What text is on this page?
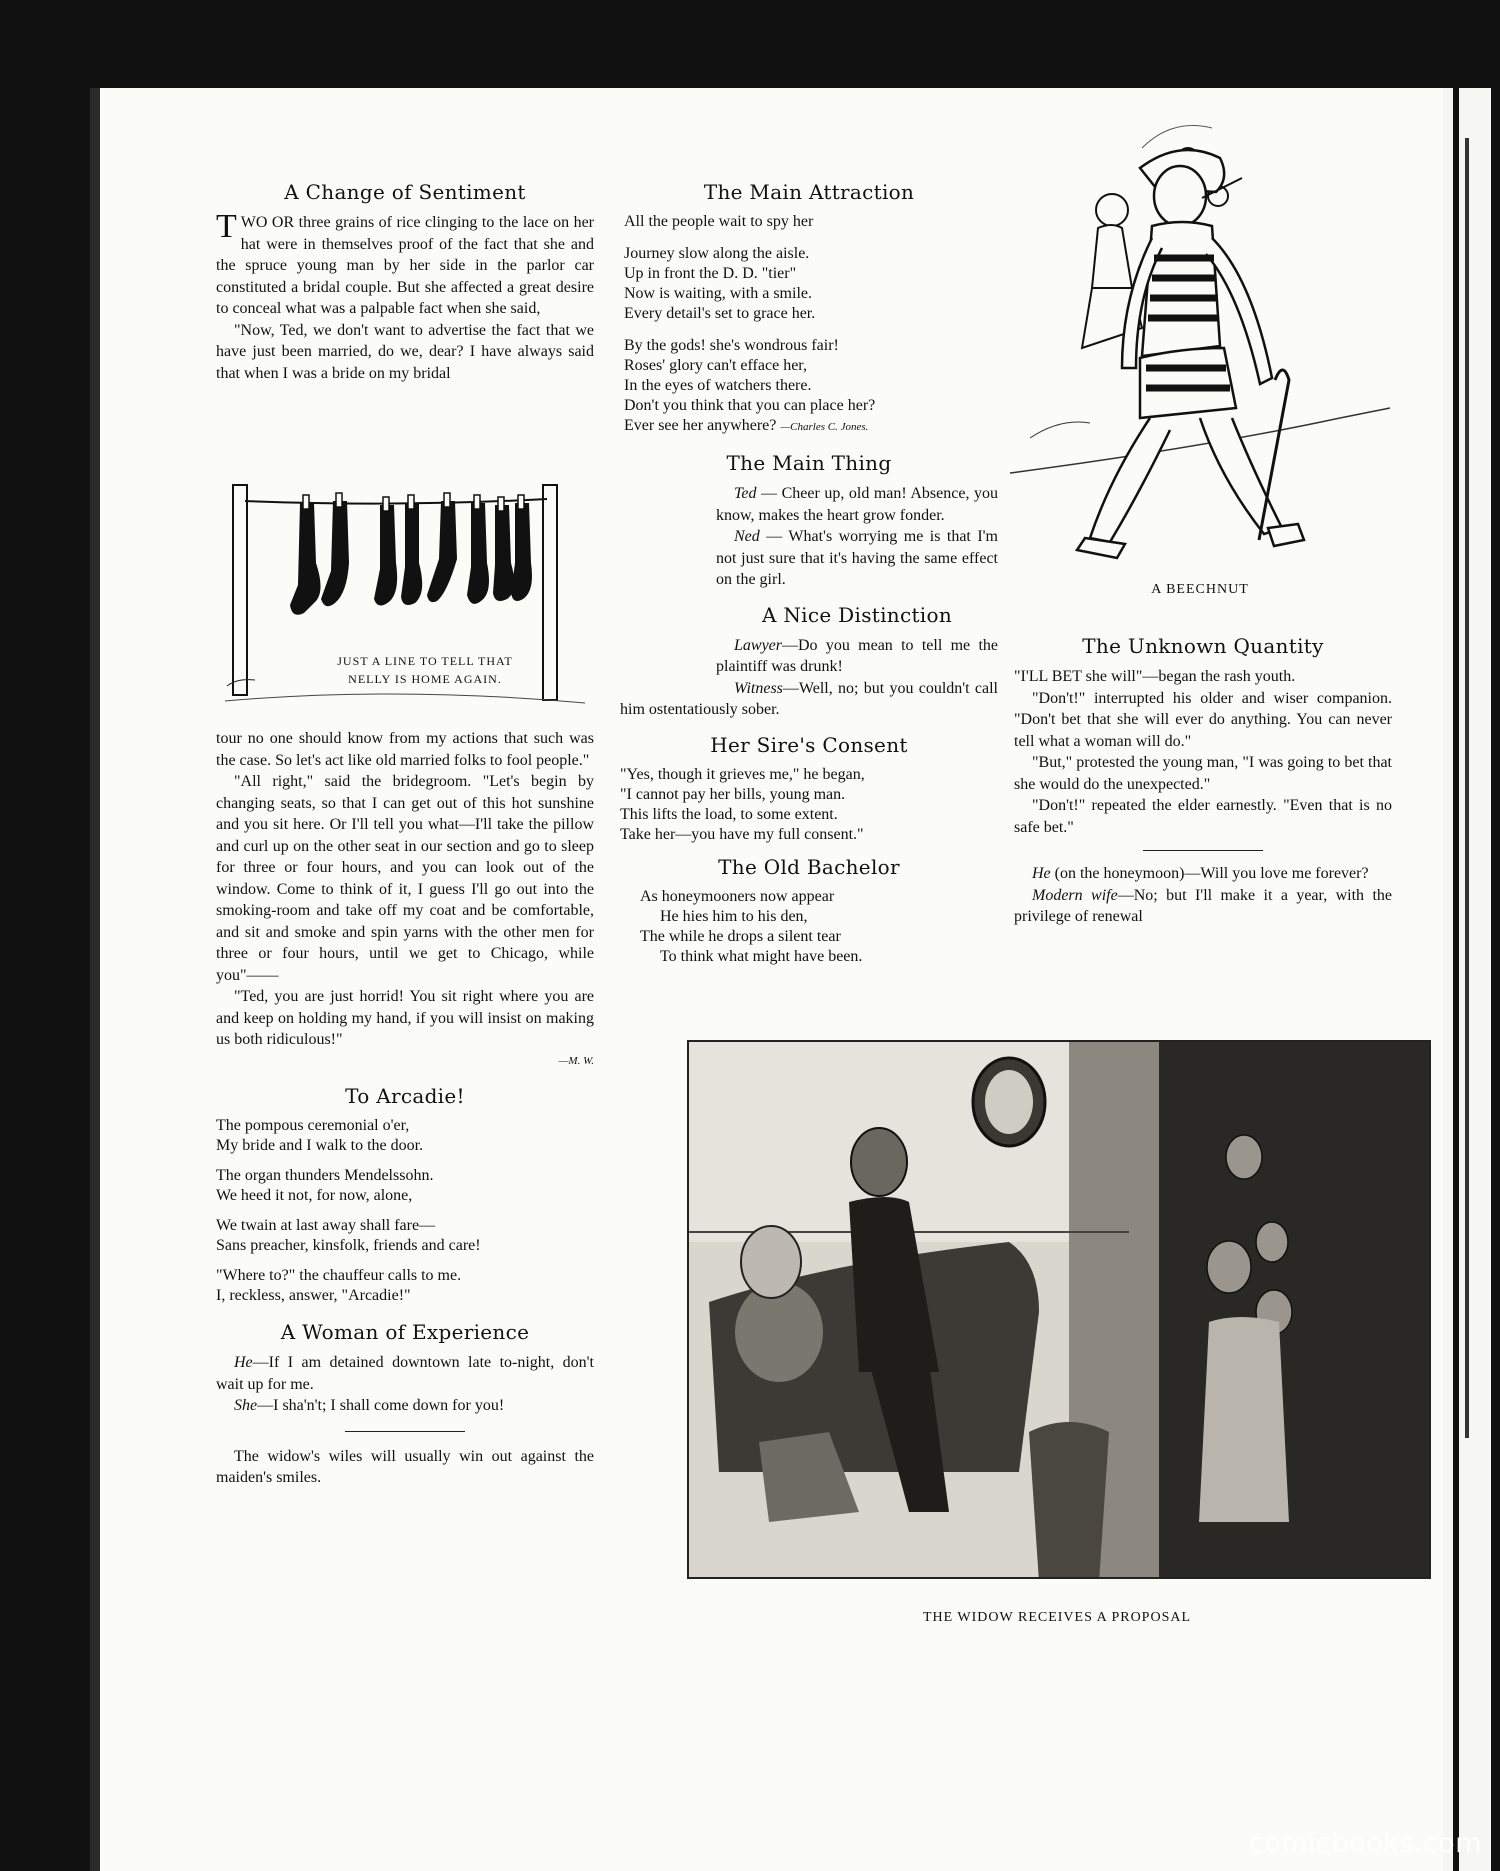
A Change of Sentiment
TWO OR three grains of rice clinging to the lace on her hat were in themselves proof of the fact that she and the spruce young man by her side in the parlor car constituted a bridal couple. But she affected a great desire to conceal what was a palpable fact when she said,

"Now, Ted, we don't want to advertise the fact that we have just been married, do we, dear? I have always said that when I was a bride on my bridal

JUST A LINE TO TELL THAT
NELLY IS HOME AGAIN.

tour no one should know from my actions that such was the case. So let's act like old married folks to fool people."

"All right," said the bridegroom. "Let's begin by changing seats, so that I can get out of this hot sunshine and you sit here. Or I'll tell you what—I'll take the pillow and curl up on the other seat in our section and go to sleep for three or four hours, and you can look out of the window. Come to think of it, I guess I'll go out into the smoking-room and take off my coat and be comfortable, and sit and smoke and spin yarns with the other men for three or four hours, until we get to Chicago, while you"——

"Ted, you are just horrid! You sit right where you are and keep on holding my hand, if you will insist on making us both ridiculous!"

—M. W.
To Arcadie!
The pompous ceremonial o'er,
My bride and I walk to the door.
The organ thunders Mendelssohn.
We heed it not, for now, alone,
We twain at last away shall fare—
Sans preacher, kinsfolk, friends and care!
"Where to?" the chauffeur calls to me.
I, reckless, answer, "Arcadie!"
A Woman of Experience

He—If I am detained downtown late to-night, don't wait up for me.

She—I sha'n't; I shall come down for you!

The widow's wiles will usually win out against the maiden's smiles.

The Main Attraction
All the people wait to spy her
Journey slow along the aisle.
Up in front the D. D. "tier"
Now is waiting, with a smile.
Every detail's set to grace her.
By the gods! she's wondrous fair!
Roses' glory can't efface her,
In the eyes of watchers there.
Don't you think that you can place her?
Ever see her anywhere? —Charles C. Jones.
The Main Thing

Ted — Cheer up, old man! Absence, you know, makes the heart grow fonder.

Ned — What's worrying me is that I'm not just sure that it's having the same effect on the girl.

A Nice Distinction

Lawyer—Do you mean to tell me the plaintiff was drunk!

Witness—Well, no; but you couldn't call him ostentatiously sober.

Her Sire's Consent
"Yes, though it grieves me," he began,
"I cannot pay her bills, young man.
This lifts the load, to some extent.
Take her—you have my full consent."
The Old Bachelor
As honeymooners now appear
He hies him to his den,
The while he drops a silent tear
To think what might have been.
A BEECHNUT
The Unknown Quantity

"I'LL BET she will"—began the rash youth.

"Don't!" interrupted his older and wiser companion. "Don't bet that she will ever do anything. You can never tell what a woman will do."

"But," protested the young man, "I was going to bet that she would do the unexpected."

"Don't!" repeated the elder earnestly. "Even that is no safe bet."

He (on the honeymoon)—Will you love me forever?

Modern wife—No; but I'll make it a year, with the privilege of renewal

THE WIDOW RECEIVES A PROPOSAL
comicbooks.com
